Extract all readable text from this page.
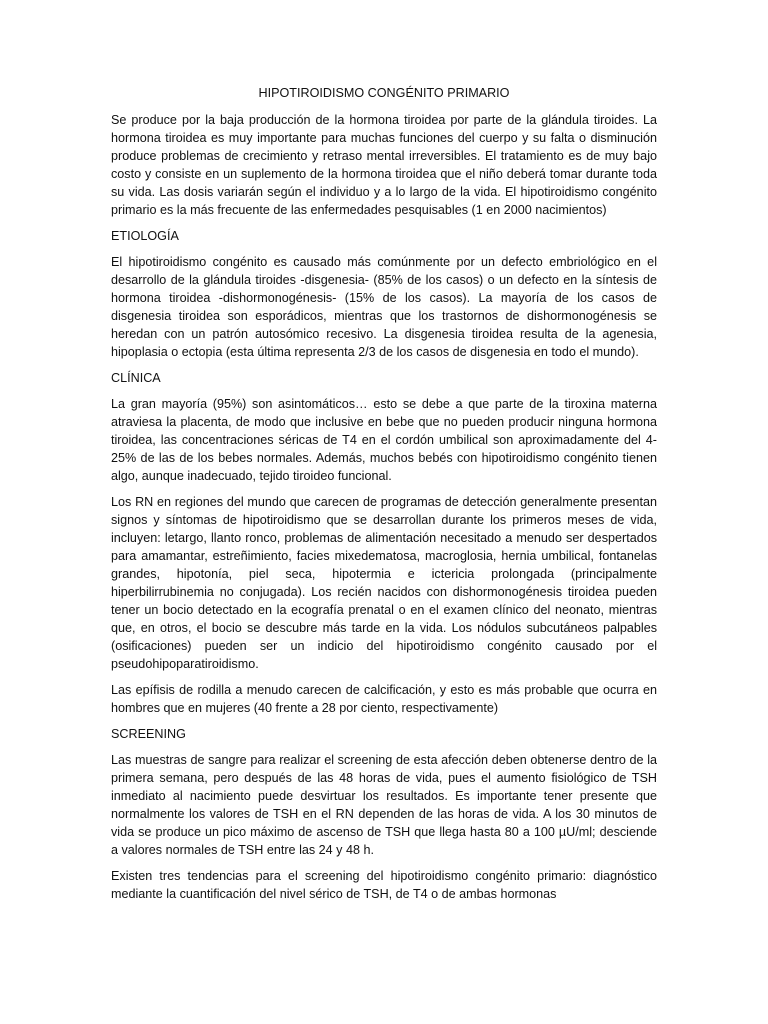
HIPOTIROIDISMO CONGÉNITO PRIMARIO

Se produce por la baja producción de la hormona tiroidea por parte de la glándula tiroides. La hormona tiroidea es muy importante para muchas funciones del cuerpo y su falta o disminución produce problemas de crecimiento y retraso mental irreversibles. El tratamiento es de muy bajo costo y consiste en un suplemento de la hormona tiroidea que el niño deberá tomar durante toda su vida. Las dosis variarán según el individuo y a lo largo de la vida. El hipotiroidismo congénito primario es la más frecuente de las enfermedades pesquisables (1 en 2000 nacimientos)

ETIOLOGÍA

El hipotiroidismo congénito es causado más comúnmente por un defecto embriológico en el desarrollo de la glándula tiroides -disgenesia- (85% de los casos) o un defecto en la síntesis de hormona tiroidea -dishormonogénesis- (15% de los casos). La mayoría de los casos de disgenesia tiroidea son esporádicos, mientras que los trastornos de dishormonogénesis se heredan con un patrón autosómico recesivo. La disgenesia tiroidea resulta de la agenesia, hipoplasia o ectopia (esta última representa 2/3 de los casos de disgenesia en todo el mundo).

CLÍNICA

La gran mayoría (95%) son asintomáticos… esto se debe a que parte de la tiroxina materna atraviesa la placenta, de modo que inclusive en bebe que no pueden producir ninguna hormona tiroidea, las concentraciones séricas de T4 en el cordón umbilical son aproximadamente del 4-25% de las de los bebes normales. Además, muchos bebés con hipotiroidismo congénito tienen algo, aunque inadecuado, tejido tiroideo funcional.

Los RN en regiones del mundo que carecen de programas de detección generalmente presentan signos y síntomas de hipotiroidismo que se desarrollan durante los primeros meses de vida, incluyen: letargo, llanto ronco, problemas de alimentación necesitado a menudo ser despertados para amamantar, estreñimiento, facies mixedematosa, macroglosia, hernia umbilical, fontanelas grandes, hipotonía, piel seca, hipotermia e ictericia prolongada (principalmente hiperbilirrubinemia no conjugada). Los recién nacidos con dishormonogénesis tiroidea pueden tener un bocio detectado en la ecografía prenatal o en el examen clínico del neonato, mientras que, en otros, el bocio se descubre más tarde en la vida. Los nódulos subcutáneos palpables (osificaciones) pueden ser un indicio del hipotiroidismo congénito causado por el pseudohipoparatiroidismo.

Las epífisis de rodilla a menudo carecen de calcificación, y esto es más probable que ocurra en hombres que en mujeres (40 frente a 28 por ciento, respectivamente)

SCREENING

Las muestras de sangre para realizar el screening de esta afección deben obtenerse dentro de la primera semana, pero después de las 48 horas de vida, pues el aumento fisiológico de TSH inmediato al nacimiento puede desvirtuar los resultados. Es importante tener presente que normalmente los valores de TSH en el RN dependen de las horas de vida. A los 30 minutos de vida se produce un pico máximo de ascenso de TSH que llega hasta 80 a 100 µU/ml; desciende a valores normales de TSH entre las 24 y 48 h.

Existen tres tendencias para el screening del hipotiroidismo congénito primario: diagnóstico mediante la cuantificación del nivel sérico de TSH, de T4 o de ambas hormonas
